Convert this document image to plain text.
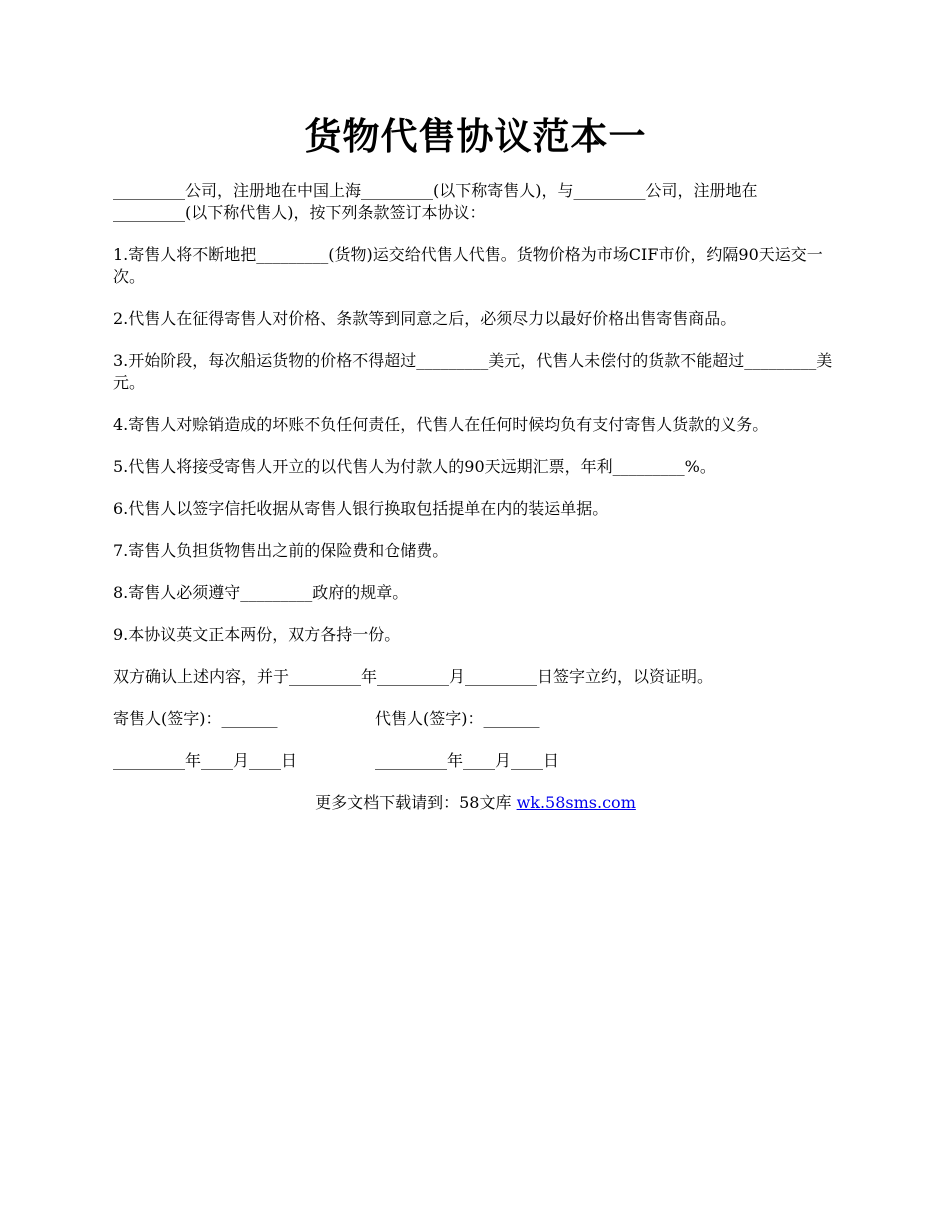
货物代售协议范本一

_________公司，注册地在中国上海_________(以下称寄售人)，与_________公司，注册地在_________(以下称代售人)，按下列条款签订本协议：

1.寄售人将不断地把_________(货物)运交给代售人代售。货物价格为市场CIF市价，约隔90天运交一次。

2.代售人在征得寄售人对价格、条款等到同意之后，必须尽力以最好价格出售寄售商品。

3.开始阶段，每次船运货物的价格不得超过_________美元，代售人未偿付的货款不能超过_________美元。

4.寄售人对赊销造成的坏账不负任何责任，代售人在任何时候均负有支付寄售人货款的义务。

5.代售人将接受寄售人开立的以代售人为付款人的90天远期汇票，年利_________%。

6.代售人以签字信托收据从寄售人银行换取包括提单在内的装运单据。

7.寄售人负担货物售出之前的保险费和仓储费。

8.寄售人必须遵守_________政府的规章。

9.本协议英文正本两份，双方各持一份。

双方确认上述内容，并于_________年_________月_________日签字立约，以资证明。

寄售人(签字)：_______	代售人(签字)：_______
_________年____月____日	_________年____月____日
更多文档下载请到：58文库 wk.58sms.com
